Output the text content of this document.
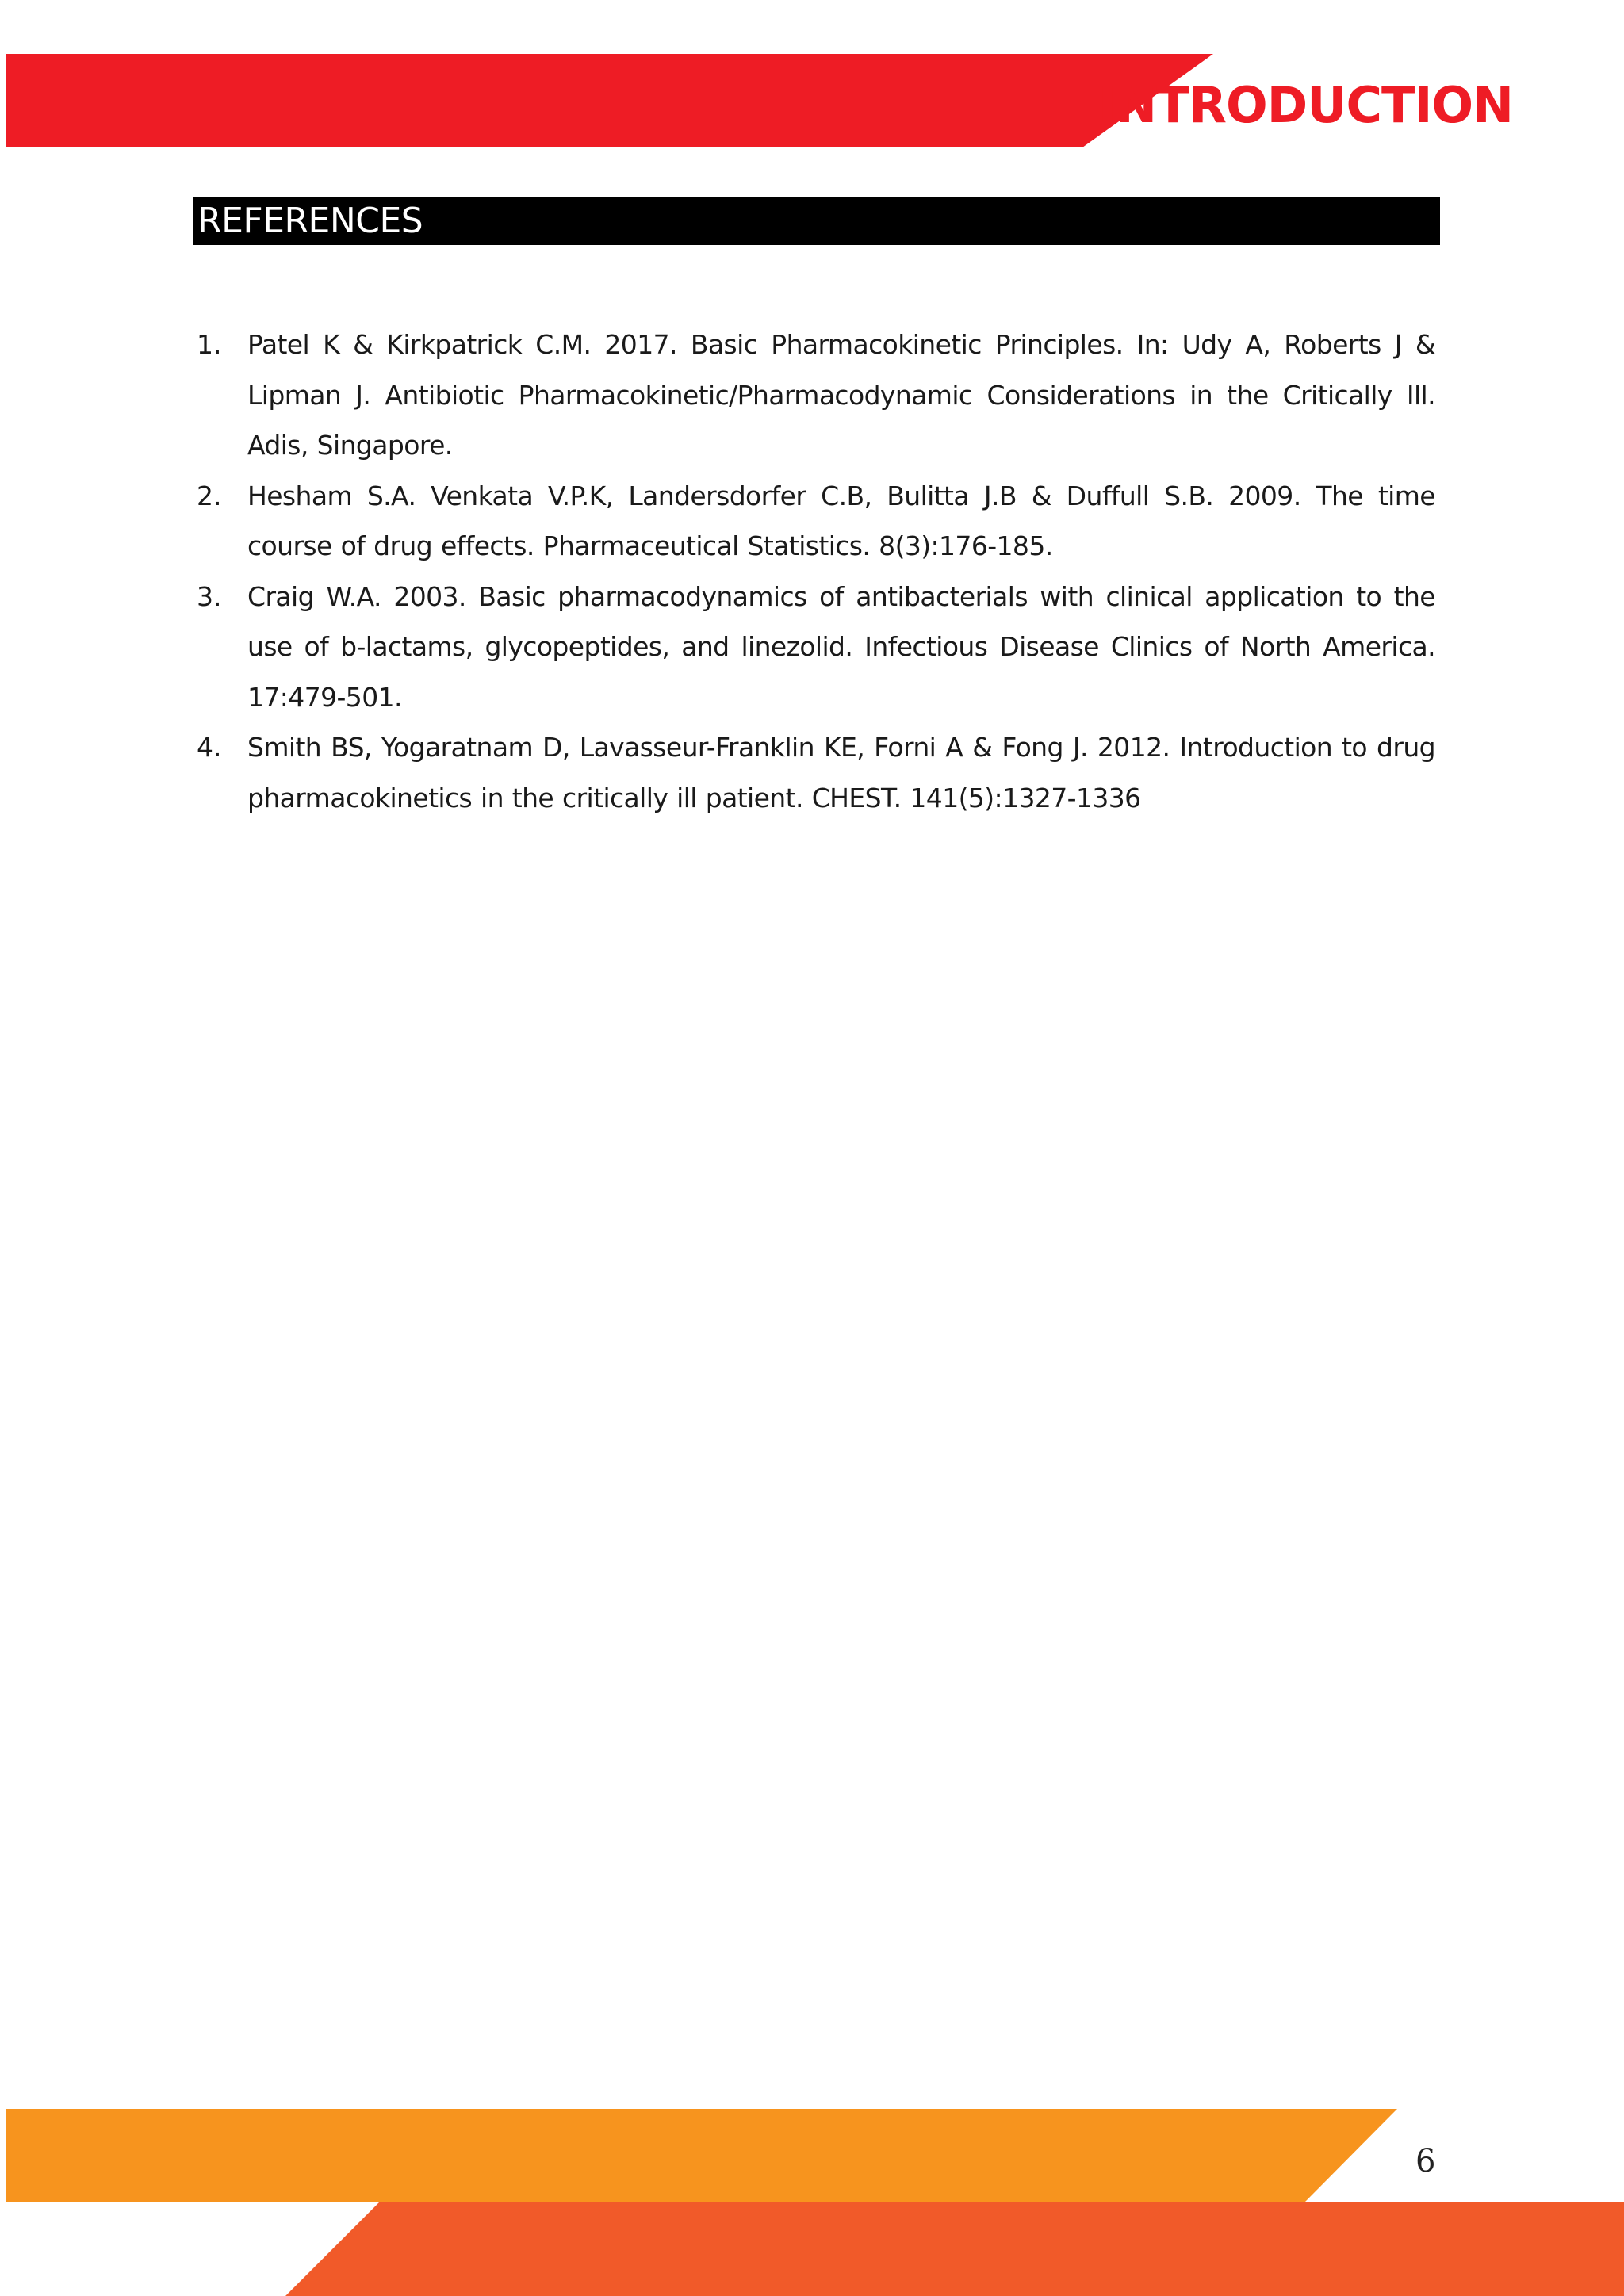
INTRODUCTION
REFERENCES
1. Patel K & Kirkpatrick C.M. 2017. Basic Pharmacokinetic Principles. In: Udy A, Roberts J & Lipman J. Antibiotic Pharmacokinetic/Pharmacodynamic Considerations in the Critically Ill. Adis, Singapore.
2. Hesham S.A. Venkata V.P.K, Landersdorfer C.B, Bulitta J.B & Duffull S.B. 2009. The time course of drug effects. Pharmaceutical Statistics. 8(3):176-185.
3. Craig W.A. 2003. Basic pharmacodynamics of antibacterials with clinical application to the use of b-lactams, glycopeptides, and linezolid. Infectious Disease Clinics of North America. 17:479-501.
4. Smith BS, Yogaratnam D, Lavasseur-Franklin KE, Forni A & Fong J. 2012. Introduction to drug pharmacokinetics in the critically ill patient. CHEST. 141(5):1327-1336
6
